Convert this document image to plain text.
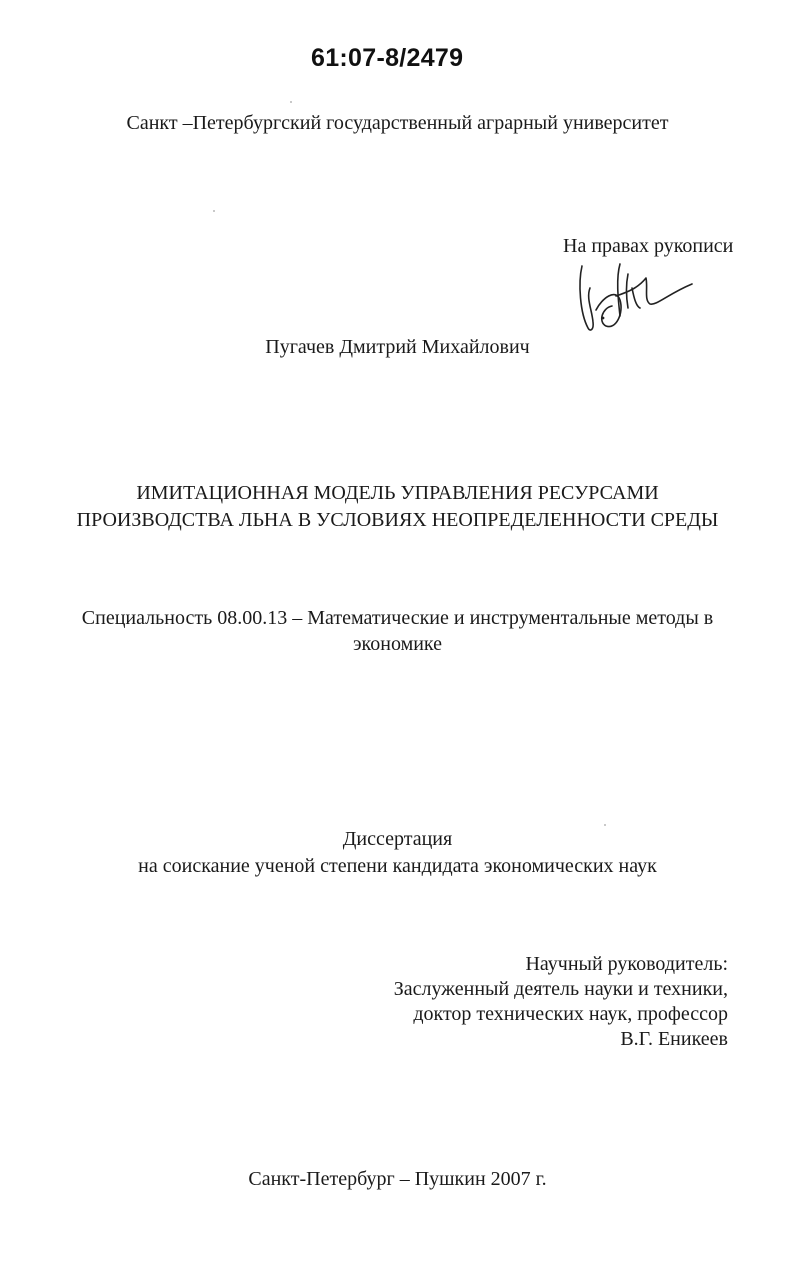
61:07-8/2479
Санкт –Петербургский государственный аграрный университет
На правах рукописи
Пугачев Дмитрий Михайлович
ИМИТАЦИОННАЯ МОДЕЛЬ УПРАВЛЕНИЯ РЕСУРСАМИ
ПРОИЗВОДСТВА ЛЬНА В УСЛОВИЯХ НЕОПРЕДЕЛЕННОСТИ СРЕДЫ
Специальность 08.00.13 – Математические и инструментальные методы в
экономике
Диссертация
на соискание ученой степени кандидата экономических наук
Научный руководитель:
Заслуженный деятель науки и техники,
доктор технических наук, профессор
В.Г. Еникеев
Санкт-Петербург – Пушкин 2007 г.
